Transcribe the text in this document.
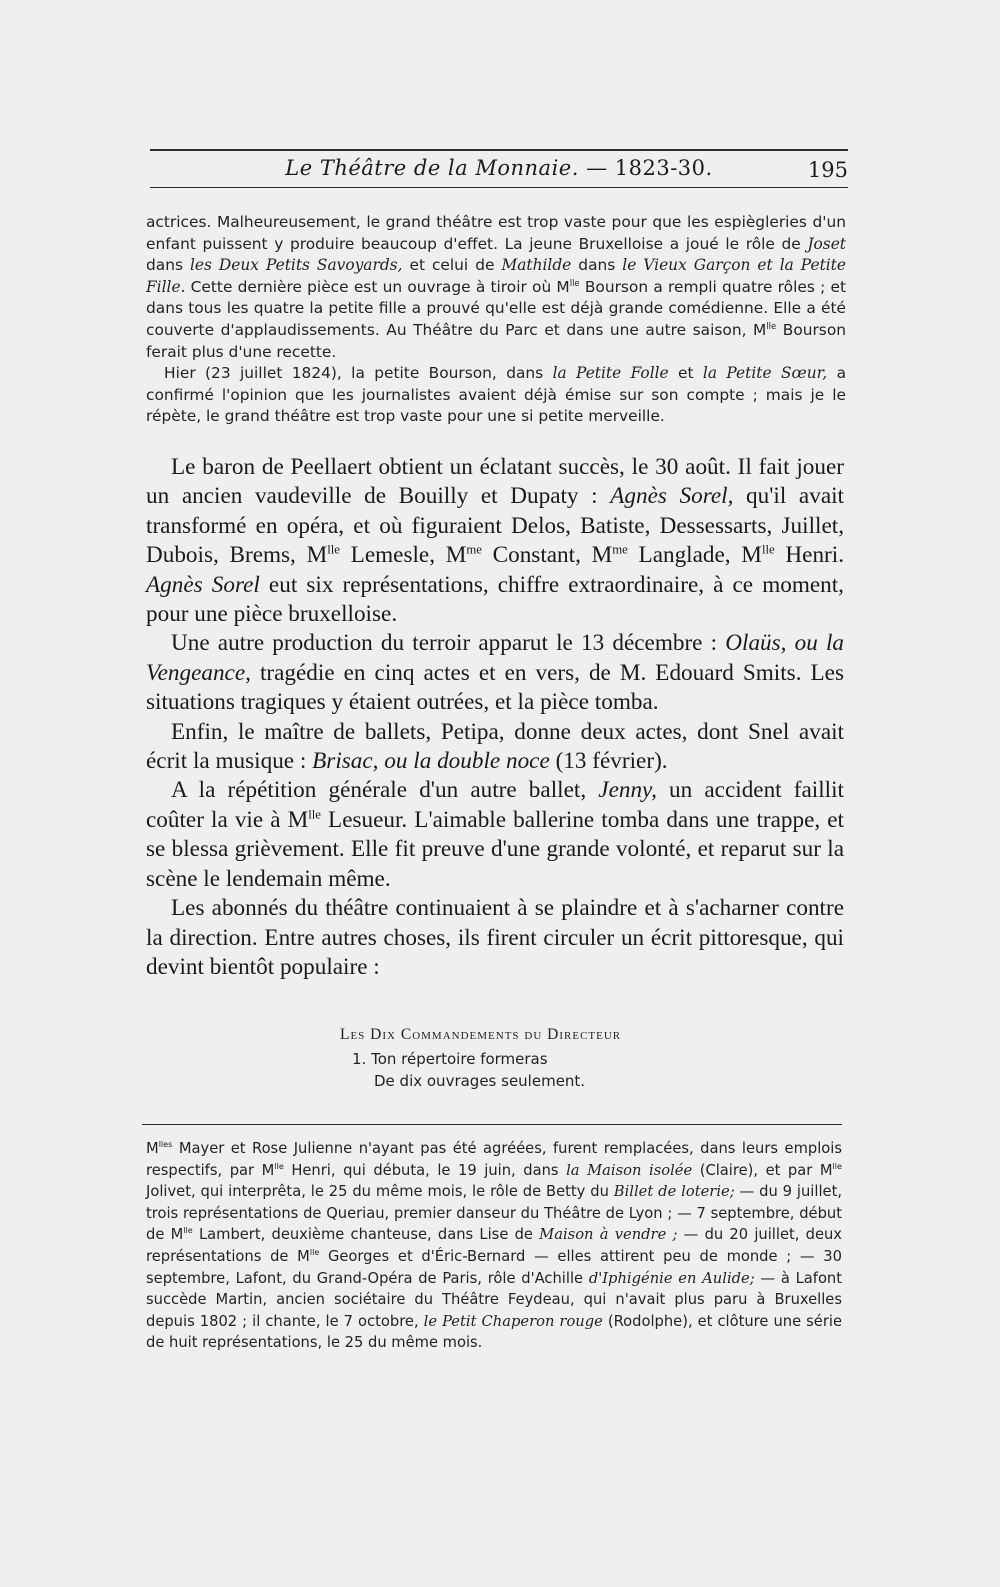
Le Théâtre de la Monnaie. — 1823-30.	195

actrices. Malheureusement, le grand théâtre est trop vaste pour que les espiègleries d'un enfant puissent y produire beaucoup d'effet. La jeune Bruxelloise a joué le rôle de Joset dans les Deux Petits Savoyards, et celui de Mathilde dans le Vieux Garçon et la Petite Fille. Cette dernière pièce est un ouvrage à tiroir où $M^{lle}$ Bourson a rempli quatre rôles ; et dans tous les quatre la petite fille a prouvé qu'elle est déjà grande comédienne. Elle a été couverte d'applaudissements. Au Théâtre du Parc et dans une autre saison, $M^{lle}$ Bourson ferait plus d'une recette.

Hier (23 juillet 1824), la petite Bourson, dans la Petite Folle et la Petite Sœur, a confirmé l'opinion que les journalistes avaient déjà émise sur son compte ; mais je le répète, le grand théâtre est trop vaste pour une si petite merveille.

Le baron de Peellaert obtient un éclatant succès, le 30 août. Il fait jouer un ancien vaudeville de Bouilly et Dupaty : Agnès Sorel, qu'il avait transformé en opéra, et où figuraient Delos, Batiste, Dessessarts, Juillet, Dubois, Brems, $M^{lle}$ Lemesle, $M^{me}$ Constant, $M^{me}$ Langlade, $M^{lle}$ Henri. Agnès Sorel eut six représentations, chiffre extraordinaire, à ce moment, pour une pièce bruxelloise.

Une autre production du terroir apparut le 13 décembre : Olaüs, ou la Vengeance, tragédie en cinq actes et en vers, de M. Edouard Smits. Les situations tragiques y étaient outrées, et la pièce tomba.

Enfin, le maître de ballets, Petipa, donne deux actes, dont Snel avait écrit la musique : Brisac, ou la double noce (13 février).

A la répétition générale d'un autre ballet, Jenny, un accident faillit coûter la vie à $M^{lle}$ Lesueur. L'aimable ballerine tomba dans une trappe, et se blessa grièvement. Elle fit preuve d'une grande volonté, et reparut sur la scène le lendemain même.

Les abonnés du théâtre continuaient à se plaindre et à s'acharner contre la direction. Entre autres choses, ils firent circuler un écrit pittoresque, qui devint bientôt populaire :

Les Dix Commandements du Directeur
1. Ton répertoire formeras
De dix ouvrages seulement.

$M^{lles}$ Mayer et Rose Julienne n'ayant pas été agréées, furent remplacées, dans leurs emplois respectifs, par $M^{lle}$ Henri, qui débuta, le 19 juin, dans la Maison isolée (Claire), et par $M^{lle}$ Jolivet, qui interprêta, le 25 du même mois, le rôle de Betty du Billet de loterie; — du 9 juillet, trois représentations de Queriau, premier danseur du Théâtre de Lyon ; — 7 septembre, début de $M^{lle}$ Lambert, deuxième chanteuse, dans Lise de Maison à vendre ; — du 20 juillet, deux représentations de $M^{lle}$ Georges et d'Éric-Bernard — elles attirent peu de monde ; — 30 septembre, Lafont, du Grand-Opéra de Paris, rôle d'Achille d'Iphigénie en Aulide; — à Lafont succède Martin, ancien sociétaire du Théâtre Feydeau, qui n'avait plus paru à Bruxelles depuis 1802 ; il chante, le 7 octobre, le Petit Chaperon rouge (Rodolphe), et clôture une série de huit représentations, le 25 du même mois.
